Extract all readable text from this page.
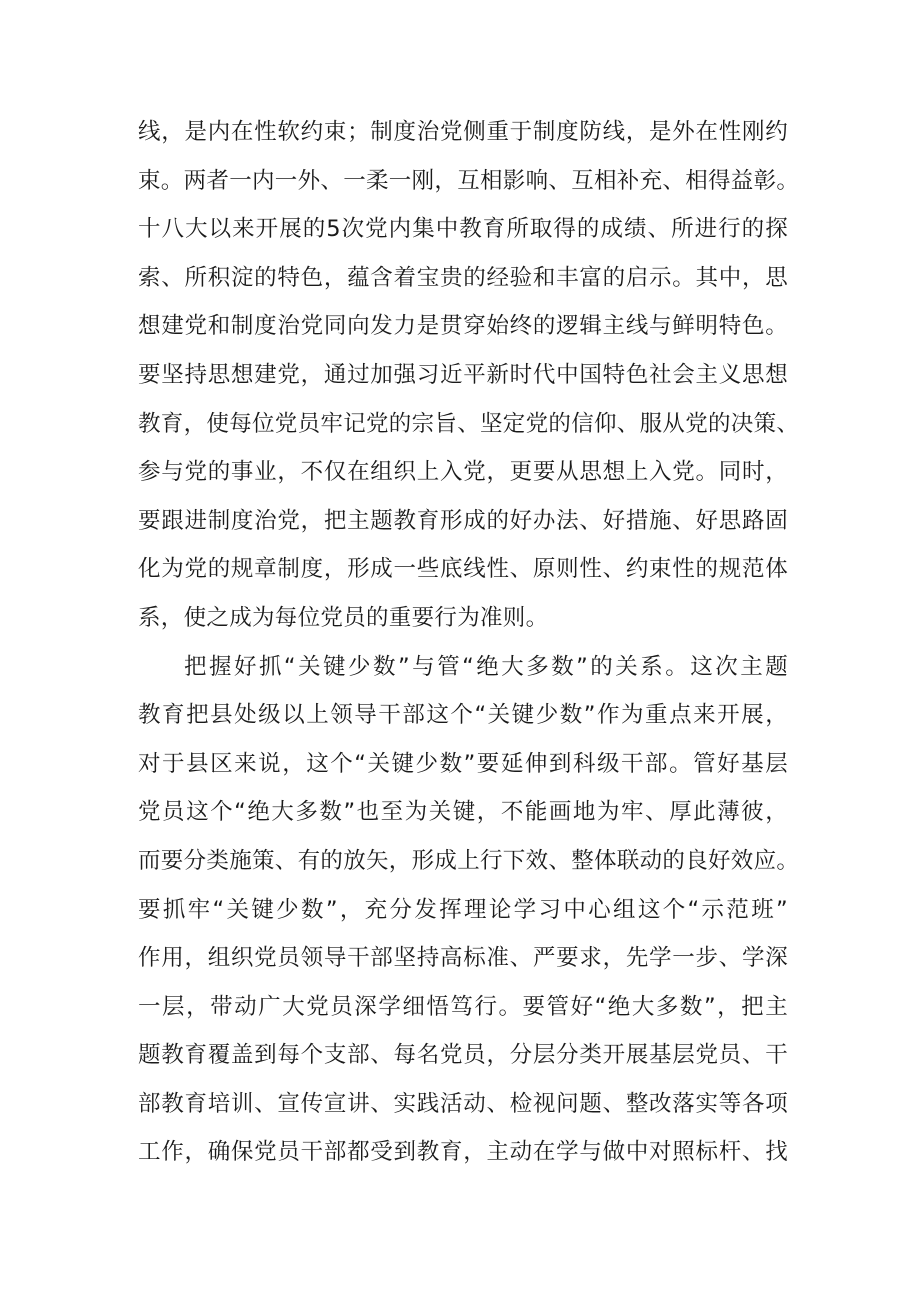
线，是内在性软约束；制度治党侧重于制度防线，是外在性刚约
束。两者一内一外、一柔一刚，互相影响、互相补充、相得益彰。
十八大以来开展的5次党内集中教育所取得的成绩、所进行的探
索、所积淀的特色，蕴含着宝贵的经验和丰富的启示。其中，思
想建党和制度治党同向发力是贯穿始终的逻辑主线与鲜明特色。
要坚持思想建党，通过加强习近平新时代中国特色社会主义思想
教育，使每位党员牢记党的宗旨、坚定党的信仰、服从党的决策、
参与党的事业，不仅在组织上入党，更要从思想上入党。同时，
要跟进制度治党，把主题教育形成的好办法、好措施、好思路固
化为党的规章制度，形成一些底线性、原则性、约束性的规范体
系，使之成为每位党员的重要行为准则。
把握好抓“关键少数”与管“绝大多数”的关系。这次主题
教育把县处级以上领导干部这个“关键少数”作为重点来开展，
对于县区来说，这个“关键少数”要延伸到科级干部。管好基层
党员这个“绝大多数”也至为关键，不能画地为牢、厚此薄彼，
而要分类施策、有的放矢，形成上行下效、整体联动的良好效应。
要抓牢“关键少数”，充分发挥理论学习中心组这个“示范班”
作用，组织党员领导干部坚持高标准、严要求，先学一步、学深
一层，带动广大党员深学细悟笃行。要管好“绝大多数”，把主
题教育覆盖到每个支部、每名党员，分层分类开展基层党员、干
部教育培训、宣传宣讲、实践活动、检视问题、整改落实等各项
工作，确保党员干部都受到教育，主动在学与做中对照标杆、找
